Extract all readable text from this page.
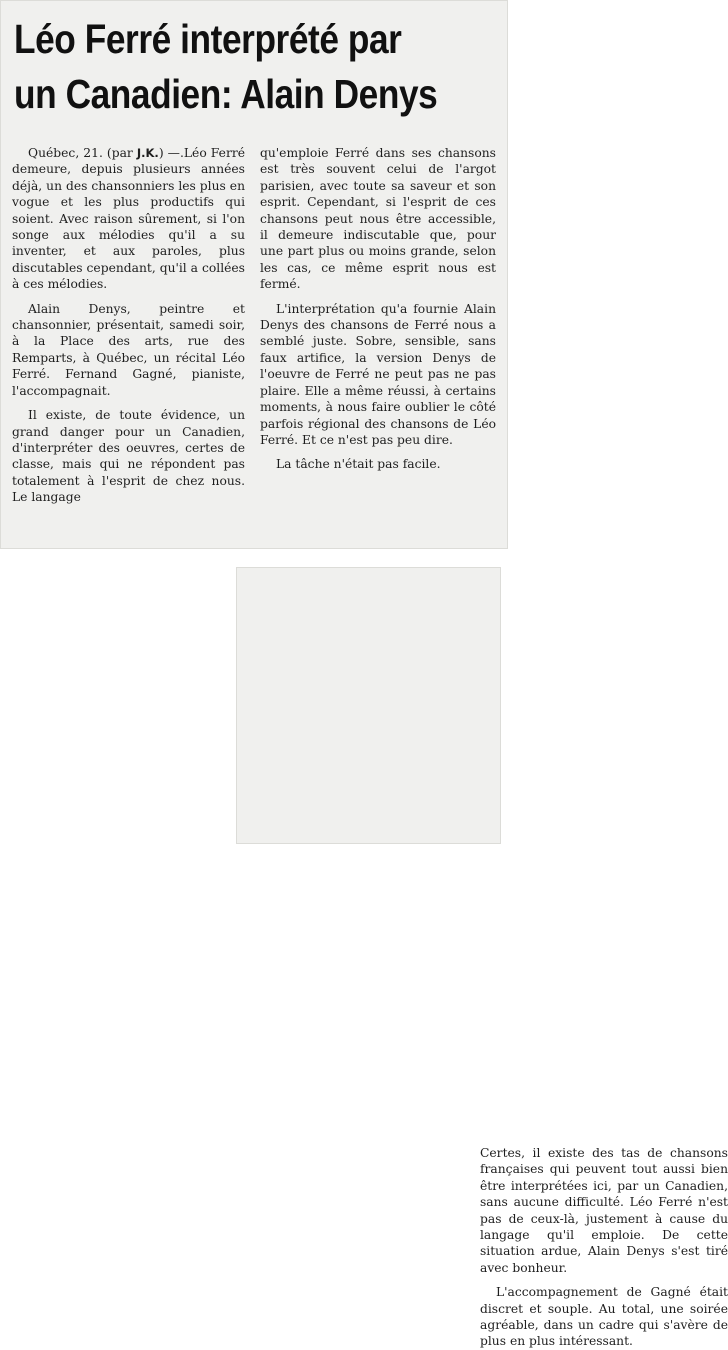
Léo Ferré interprété par
un Canadien: Alain Denys

Québec, 21. (par J.K.) —.Léo Ferré demeure, depuis plusieurs années déjà, un des chansonniers les plus en vogue et les plus productifs qui soient. Avec raison sûrement, si l'on songe aux mélodies qu'il a su inventer, et aux paroles, plus discutables cependant, qu'il a collées à ces mélodies.

Alain Denys, peintre et chansonnier, présentait, samedi soir, à la Place des arts, rue des Remparts, à Québec, un récital Léo Ferré. Fernand Gagné, pianiste, l'accompagnait.

Il existe, de toute évidence, un grand danger pour un Canadien, d'interpréter des oeuvres, certes de classe, mais qui ne répondent pas totalement à l'esprit de chez nous. Le langage

qu'emploie Ferré dans ses chansons est très souvent celui de l'argot parisien, avec toute sa saveur et son esprit. Cependant, si l'esprit de ces chansons peut nous être accessible, il demeure indiscutable que, pour une part plus ou moins grande, selon les cas, ce même esprit nous est fermé.

L'interprétation qu'a fournie Alain Denys des chansons de Ferré nous a semblé juste. Sobre, sensible, sans faux artifice, la version Denys de l'oeuvre de Ferré ne peut pas ne pas plaire. Elle a même réussi, à certains moments, à nous faire oublier le côté parfois régional des chansons de Léo Ferré. Et ce n'est pas peu dire.

La tâche n'était pas facile.

Certes, il existe des tas de chansons françaises qui peuvent tout aussi bien être interprétées ici, par un Canadien, sans aucune difficulté. Léo Ferré n'est pas de ceux-là, justement à cause du langage qu'il emploie. De cette situation ardue, Alain Denys s'est tiré avec bonheur.

L'accompagnement de Gagné était discret et souple. Au total, une soirée agréable, dans un cadre qui s'avère de plus en plus intéressant.
